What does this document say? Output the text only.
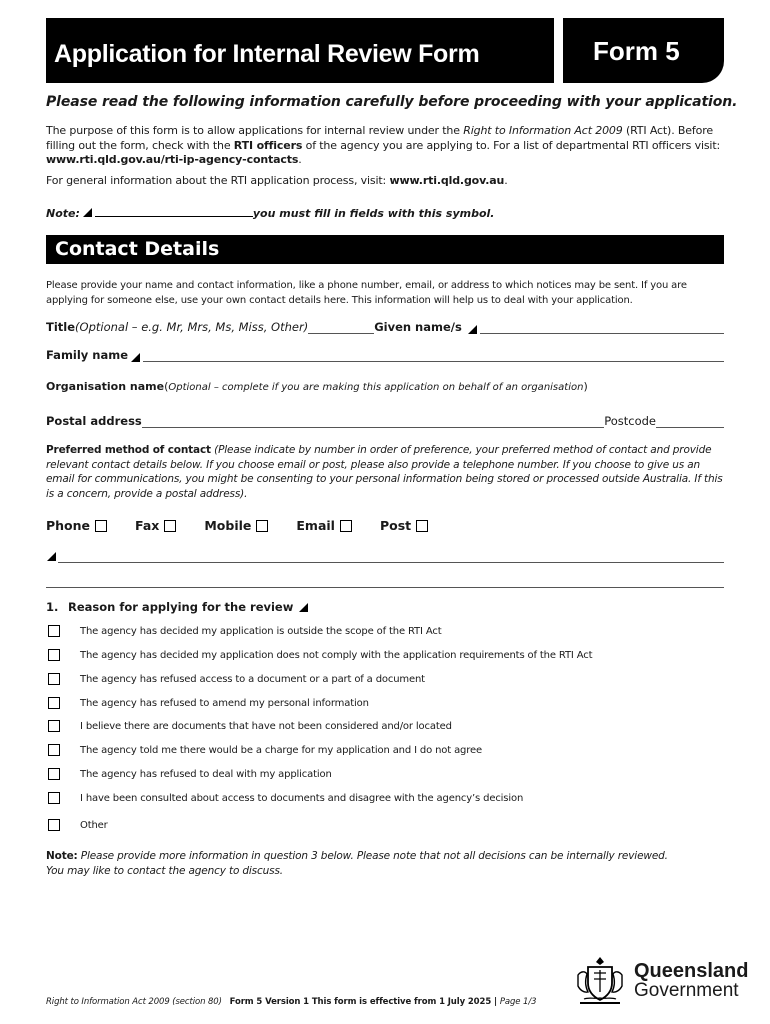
Application for Internal Review Form	Form 5
Please read the following information carefully before proceeding with your application.
The purpose of this form is to allow applications for internal review under the Right to Information Act 2009 (RTI Act). Before filling out the form, check with the RTI officers of the agency you are applying to. For a list of departmental RTI officers visit: www.rti.qld.gov.au/rti-ip-agency-contacts.
For general information about the RTI application process, visit: www.rti.qld.gov.au.
Note:	you must fill in fields with this symbol.
Contact Details
Please provide your name and contact information, like a phone number, email, or address to which notices may be sent. If you are applying for someone else, use your own contact details here. This information will help us to deal with your application.
Title (Optional – e.g. Mr, Mrs, Ms, Miss, Other)	Given name/s
Family name
Organisation name ( Optional – complete if you are making this application on behalf of an organisation )
Postal address	Postcode
Preferred method of contact (Please indicate by number in order of preference, your preferred method of contact and provide relevant contact details below. If you choose email or post, please also provide a telephone number. If you choose to give us an email for communications, you might be consenting to your personal information being stored or processed outside Australia. If this is a concern, provide a postal address).
Phone	Fax	Mobile	Email	Post
1. Reason for applying for the review
The agency has decided my application is outside the scope of the RTI Act
The agency has decided my application does not comply with the application requirements of the RTI Act
The agency has refused access to a document or a part of a document
The agency has refused to amend my personal information
I believe there are documents that have not been considered and/or located
The agency told me there would be a charge for my application and I do not agree
The agency has refused to deal with my application
I have been consulted about access to documents and disagree with the agency’s decision
Other
Note: Please provide more information in question 3 below. Please note that not all decisions can be internally reviewed.
You may like to contact the agency to discuss.
Right to Information Act 2009 (section 80) Form 5 Version 1 This form is effective from 1 July 2025 | Page 1/3
Queensland
Government
